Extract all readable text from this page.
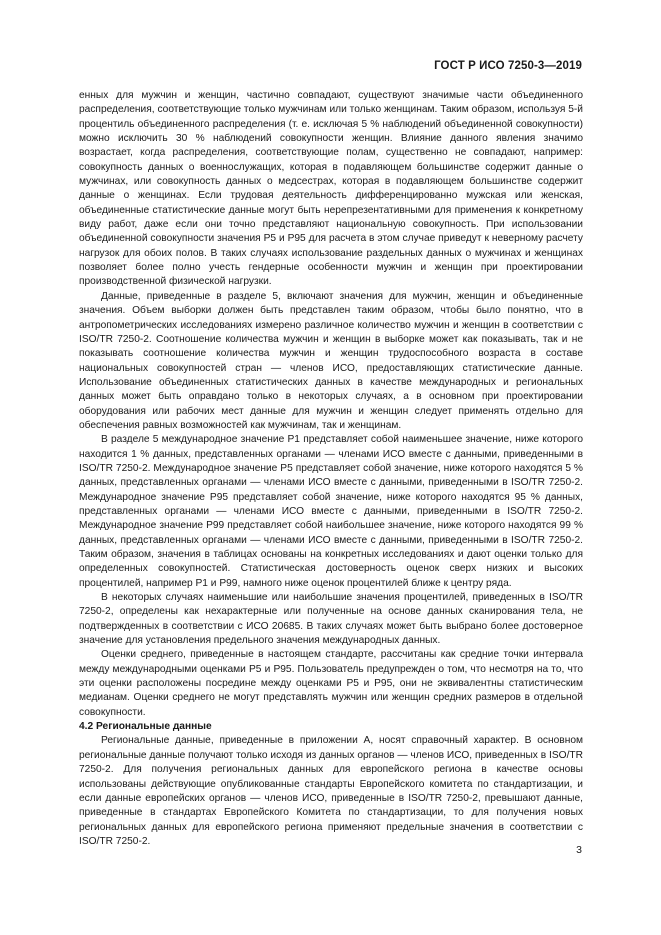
ГОСТ Р ИСО 7250-3—2019

енных для мужчин и женщин, частично совпадают, существуют значимые части объединенного распределения, соответствующие только мужчинам или только женщинам. Таким образом, используя 5-й процентиль объединенного распределения (т. е. исключая 5 % наблюдений объединенной совокупности) можно исключить 30 % наблюдений совокупности женщин. Влияние данного явления значимо возрастает, когда распределения, соответствующие полам, существенно не совпадают, например: совокупность данных о военнослужащих, которая в подавляющем большинстве содержит данные о мужчинах, или совокупность данных о медсестрах, которая в подавляющем большинстве содержит данные о женщинах. Если трудовая деятельность дифференцированно мужская или женская, объединенные статистические данные могут быть нерепрезентативными для применения к конкретному виду работ, даже если они точно представляют национальную совокупность. При использовании объединенной совокупности значения P5 и P95 для расчета в этом случае приведут к неверному расчету нагрузок для обоих полов. В таких случаях использование раздельных данных о мужчинах и женщинах позволяет более полно учесть гендерные особенности мужчин и женщин при проектировании производственной физической нагрузки.

Данные, приведенные в разделе 5, включают значения для мужчин, женщин и объединенные значения. Объем выборки должен быть представлен таким образом, чтобы было понятно, что в антропометрических исследованиях измерено различное количество мужчин и женщин в соответствии с ISO/TR 7250-2. Соотношение количества мужчин и женщин в выборке может как показывать, так и не показывать соотношение количества мужчин и женщин трудоспособного возраста в составе национальных совокупностей стран — членов ИСО, предоставляющих статистические данные. Использование объединенных статистических данных в качестве международных и региональных данных может быть оправдано только в некоторых случаях, а в основном при проектировании оборудования или рабочих мест данные для мужчин и женщин следует применять отдельно для обеспечения равных возможностей как мужчинам, так и женщинам.

В разделе 5 международное значение P1 представляет собой наименьшее значение, ниже которого находится 1 % данных, представленных органами — членами ИСО вместе с данными, приведенными в ISO/TR 7250-2. Международное значение P5 представляет собой значение, ниже которого находятся 5 % данных, представленных органами — членами ИСО вместе с данными, приведенными в ISO/TR 7250-2. Международное значение P95 представляет собой значение, ниже которого находятся 95 % данных, представленных органами — членами ИСО вместе с данными, приведенными в ISO/TR 7250-2. Международное значение P99 представляет собой наибольшее значение, ниже которого находятся 99 % данных, представленных органами — членами ИСО вместе с данными, приведенными в ISO/TR 7250-2. Таким образом, значения в таблицах основаны на конкретных исследованиях и дают оценки только для определенных совокупностей. Статистическая достоверность оценок сверх низких и высоких процентилей, например P1 и P99, намного ниже оценок процентилей ближе к центру ряда.

В некоторых случаях наименьшие или наибольшие значения процентилей, приведенных в ISO/TR 7250-2, определены как нехарактерные или полученные на основе данных сканирования тела, не подтвержденных в соответствии с ИСО 20685. В таких случаях может быть выбрано более достоверное значение для установления предельного значения международных данных.

Оценки среднего, приведенные в настоящем стандарте, рассчитаны как средние точки интервала между международными оценками P5 и P95. Пользователь предупрежден о том, что несмотря на то, что эти оценки расположены посредине между оценками P5 и P95, они не эквивалентны статистическим медианам. Оценки среднего не могут представлять мужчин или женщин средних размеров в отдельной совокупности.

4.2 Региональные данные

Региональные данные, приведенные в приложении А, носят справочный характер. В основном региональные данные получают только исходя из данных органов — членов ИСО, приведенных в ISO/TR 7250-2. Для получения региональных данных для европейского региона в качестве основы использованы действующие опубликованные стандарты Европейского комитета по стандартизации, и если данные европейских органов — членов ИСО, приведенные в ISO/TR 7250-2, превышают данные, приведенные в стандартах Европейского Комитета по стандартизации, то для получения новых региональных данных для европейского региона применяют предельные значения в соответствии с ISO/TR 7250-2.

3
